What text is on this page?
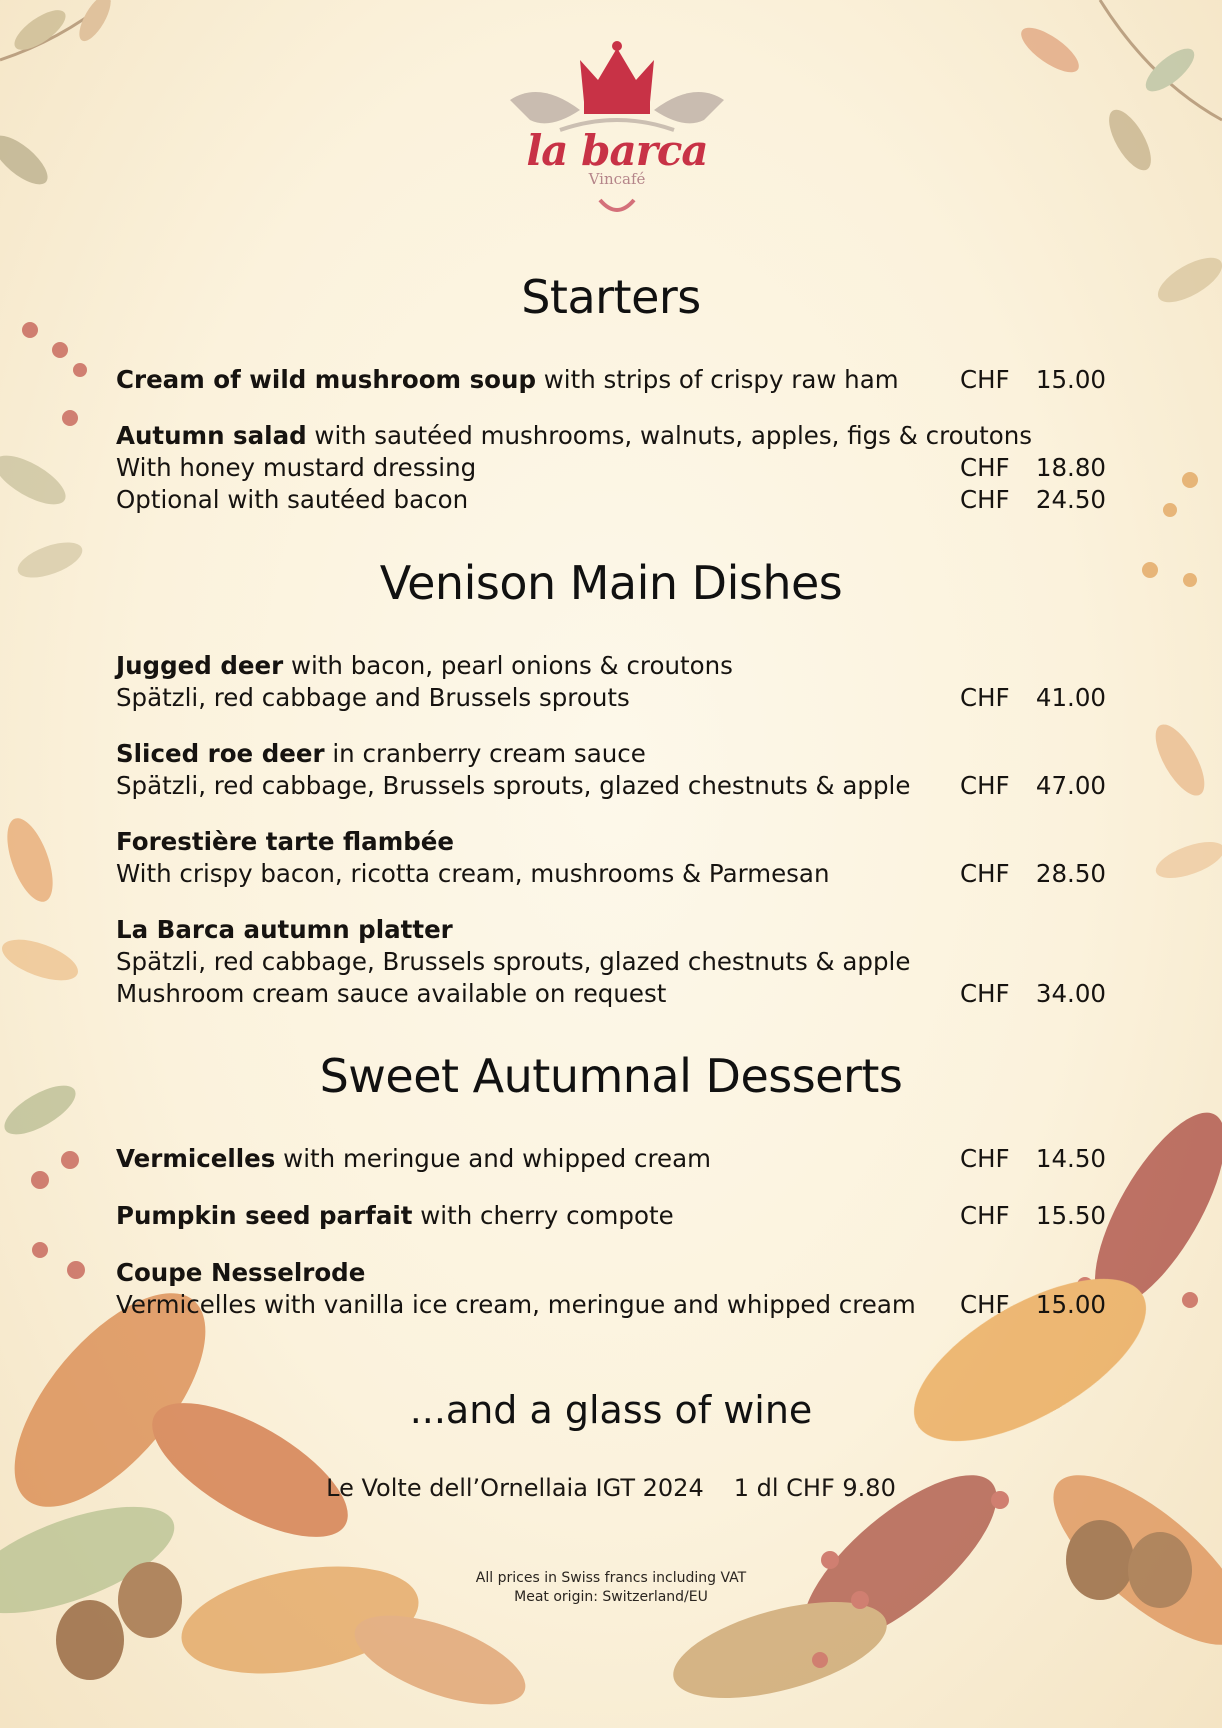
la barca
Vincafé
Starters
Cream of wild mushroom soup with strips of crispy raw ham	CHF 15.00
Autumn salad with sautéed mushrooms, walnuts, apples, figs & croutons
With honey mustard dressing	CHF 18.80
Optional with sautéed bacon	CHF 24.50
Venison Main Dishes
Jugged deer with bacon, pearl onions & croutons
Spätzli, red cabbage and Brussels sprouts	CHF 41.00
Sliced roe deer in cranberry cream sauce
Spätzli, red cabbage, Brussels sprouts, glazed chestnuts & apple CHF 47.00
Forestière tarte flambée
With crispy bacon, ricotta cream, mushrooms & Parmesan	CHF 28.50
La Barca autumn platter
Spätzli, red cabbage, Brussels sprouts, glazed chestnuts & apple
Mushroom cream sauce available on request	CHF 34.00
Sweet Autumnal Desserts
Vermicelles with meringue and whipped cream	CHF 14.50
Pumpkin seed parfait with cherry compote	CHF 15.50
Coupe Nesselrode
Vermicelles with vanilla ice cream, meringue and whipped cream CHF 15.00
...and a glass of wine
Le Volte dell’Ornellaia IGT 2024 1 dl CHF 9.80
All prices in Swiss francs including VAT
Meat origin: Switzerland/EU
